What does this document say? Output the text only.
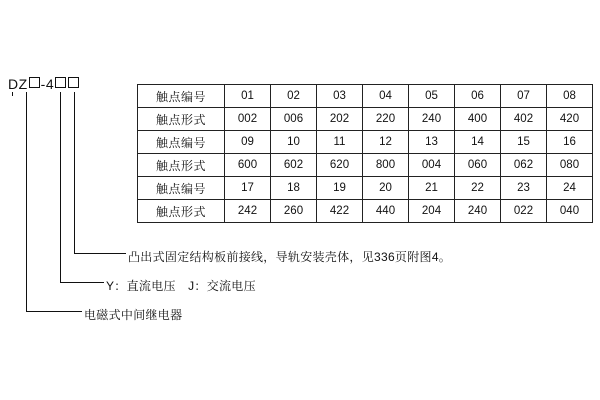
DZ -4
触点编号	01	02	03	04	05	06	07	08
触点形式	002	006	202	220	240	400	402	420
触点编号	09	10	11	12	13	14	15	16
触点形式	600	602	620	800	004	060	062	080
触点编号	17	18	19	20	21	22	23	24
触点形式	242	260	422	440	204	240	022	040
凸出式固定结构板前接线，导轨安装壳体，见336页附图4。
Y：直流电压　J：交流电压
电磁式中间继电器
